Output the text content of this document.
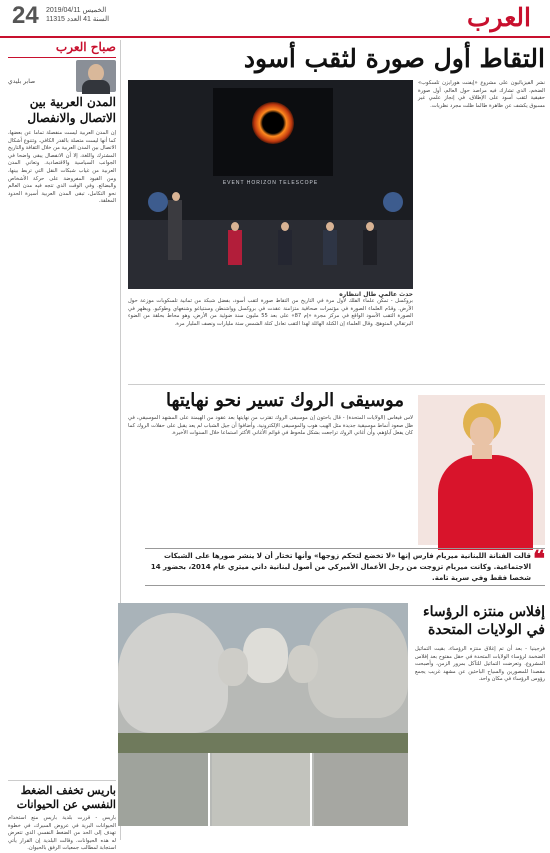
العرب
24 الخميس 2019/04/11
السنة 41 العدد 11315
صباح العرب
صابر بليدي
المدن العربية بين الاتصال والانفصال
إن المدن العربية ليست منفصلة تماما عن بعضها، كما أنها ليست متصلة بالقدر الكافي. وتتنوع أشكال الاتصال بين المدن العربية من خلال الثقافة والتاريخ المشترك واللغة، إلا أن الانفصال يبقى واضحا في الجوانب السياسية والاقتصادية. وتعاني المدن العربية من غياب شبكات النقل التي تربط بينها، ومن القيود المفروضة على حركة الأشخاص والبضائع. وفي الوقت الذي تتجه فيه مدن العالم نحو التكامل، تبقى المدن العربية أسيرة الحدود المغلقة.
التقاط أول صورة لثقب أسود
نشر الفيزيائيون على مشروع «إيفنت هورايزن تلسكوب» الضخم، الذي تشارك فيه مراصد حول العالم، أول صورة حقيقية لثقب أسود على الإطلاق، في إنجاز علمي غير مسبوق يكشف عن ظاهرة طالما ظلت مجرد نظريات.
EVENT HORIZON TELESCOPE
حدث عالمي طال انتظاره
بروكسل - تمكّن علماء الفلك لأول مرة في التاريخ من التقاط صورة لثقب أسود، بفضل شبكة من ثمانية تلسكوبات موزعة حول الأرض. وقدّم العلماء الصورة في مؤتمرات صحافية متزامنة عقدت في بروكسل وواشنطن وسنتياغو وشنغهاي وطوكيو. ويظهر في الصورة الثقب الأسود الواقع في مركز مجرة «إم 87» على بعد 55 مليون سنة ضوئية من الأرض، وهو محاط بحلقة من الضوء البرتقالي المتوهج. وقال العلماء إن الكتلة الهائلة لهذا الثقب تعادل كتلة الشمس ستة مليارات ونصف المليار مرة.
موسيقى الروك تسير نحو نهايتها
لاس فيغاس (الولايات المتحدة) - قال باحثون إن موسيقى الروك تقترب من نهايتها بعد عقود من الهيمنة على المشهد الموسيقي، في ظل صعود أنماط موسيقية جديدة مثل الهيب هوب والموسيقى الإلكترونية. وأضافوا أن جيل الشباب لم يعد يقبل على حفلات الروك كما كان يفعل آباؤهم، وأن أغاني الروك تراجعت بشكل ملحوظ في قوائم الأغاني الأكثر استماعا خلال السنوات الأخيرة.
❝
قالت الفنانة اللبنانية ميريام فارس إنها «لا تخضع لتحكم زوجها» وأنها تختار أن لا ينشر صورها على الشبكات الاجتماعية. وكانت ميريام تزوجت من رجل الأعمال الأميركي من أصول لبنانية داني ميتري عام 2014، بحضور 14 شخصا فقط وفي سرية تامة.
إفلاس منتزه الرؤساء في الولايات المتحدة
فرجينيا - بعد أن تم إغلاق منتزه الرؤساء، بقيت التماثيل الضخمة لرؤساء الولايات المتحدة في حقل مفتوح بعد إفلاس المشروع. وتعرضت التماثيل للتآكل بمرور الزمن، وأصبحت مقصدا للمصورين والسياح الباحثين عن مشهد غريب يجمع رؤوس الرؤساء في مكان واحد.
باريس تخفف الضغط النفسي عن الحيوانات
باريس - قررت بلدية باريس منع استخدام الحيوانات البرية في عروض السيرك، في خطوة تهدف إلى الحد من الضغط النفسي الذي تتعرض له هذه الحيوانات. وقالت البلدية إن القرار يأتي استجابة لمطالب جمعيات الرفق بالحيوان.
